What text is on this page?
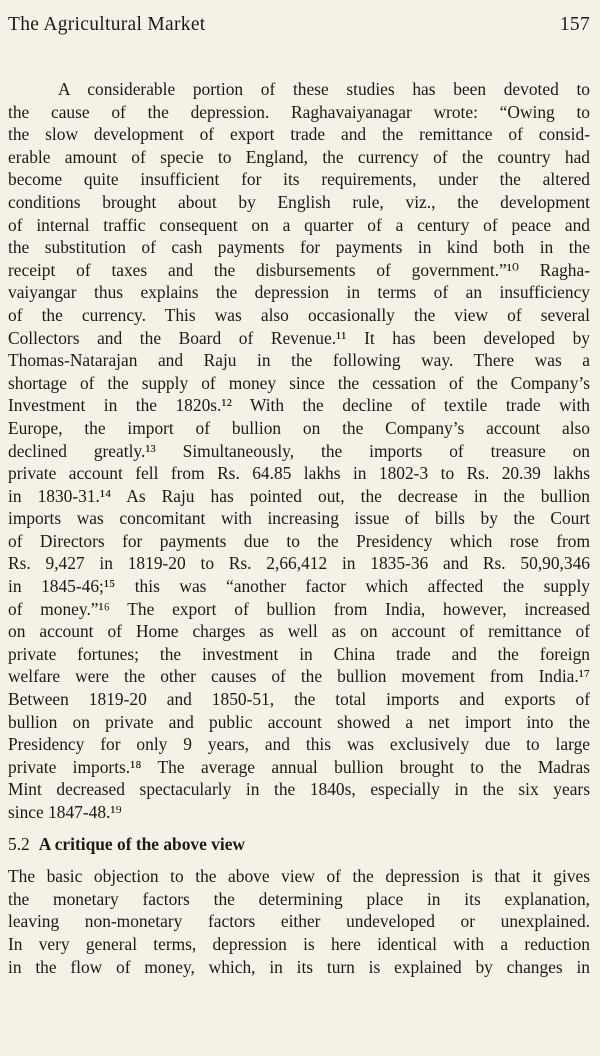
The Agricultural Market	157
A considerable portion of these studies has been devoted to
the cause of the depression. Raghavaiyanagar wrote: “Owing to
the slow development of export trade and the remittance of consid-
erable amount of specie to England, the currency of the country had
become quite insufficient for its requirements, under the altered
conditions brought about by English rule, viz., the development
of internal traffic consequent on a quarter of a century of peace and
the substitution of cash payments for payments in kind both in the
receipt of taxes and the disbursements of government.”¹⁰ Ragha-
vaiyangar thus explains the depression in terms of an insufficiency
of the currency. This was also occasionally the view of several
Collectors and the Board of Revenue.¹¹ It has been developed by
Thomas-Natarajan and Raju in the following way. There was a
shortage of the supply of money since the cessation of the Company’s
Investment in the 1820s.¹² With the decline of textile trade with
Europe, the import of bullion on the Company’s account also
declined greatly.¹³ Simultaneously, the imports of treasure on
private account fell from Rs. 64.85 lakhs in 1802-3 to Rs. 20.39 lakhs
in 1830-31.¹⁴ As Raju has pointed out, the decrease in the bullion
imports was concomitant with increasing issue of bills by the Court
of Directors for payments due to the Presidency which rose from
Rs. 9,427 in 1819-20 to Rs. 2,66,412 in 1835-36 and Rs. 50,90,346
in 1845-46;¹⁵ this was “another factor which affected the supply
of money.”¹⁶ The export of bullion from India, however, increased
on account of Home charges as well as on account of remittance of
private fortunes; the investment in China trade and the foreign
welfare were the other causes of the bullion movement from India.¹⁷
Between 1819-20 and 1850-51, the total imports and exports of
bullion on private and public account showed a net import into the
Presidency for only 9 years, and this was exclusively due to large
private imports.¹⁸ The average annual bullion brought to the Madras
Mint decreased spectacularly in the 1840s, especially in the six years
since 1847-48.¹⁹
5.2 A critique of the above view
The basic objection to the above view of the depression is that it gives
the monetary factors the determining place in its explanation,
leaving non-monetary factors either undeveloped or unexplained.
In very general terms, depression is here identical with a reduction
in the flow of money, which, in its turn is explained by changes in
